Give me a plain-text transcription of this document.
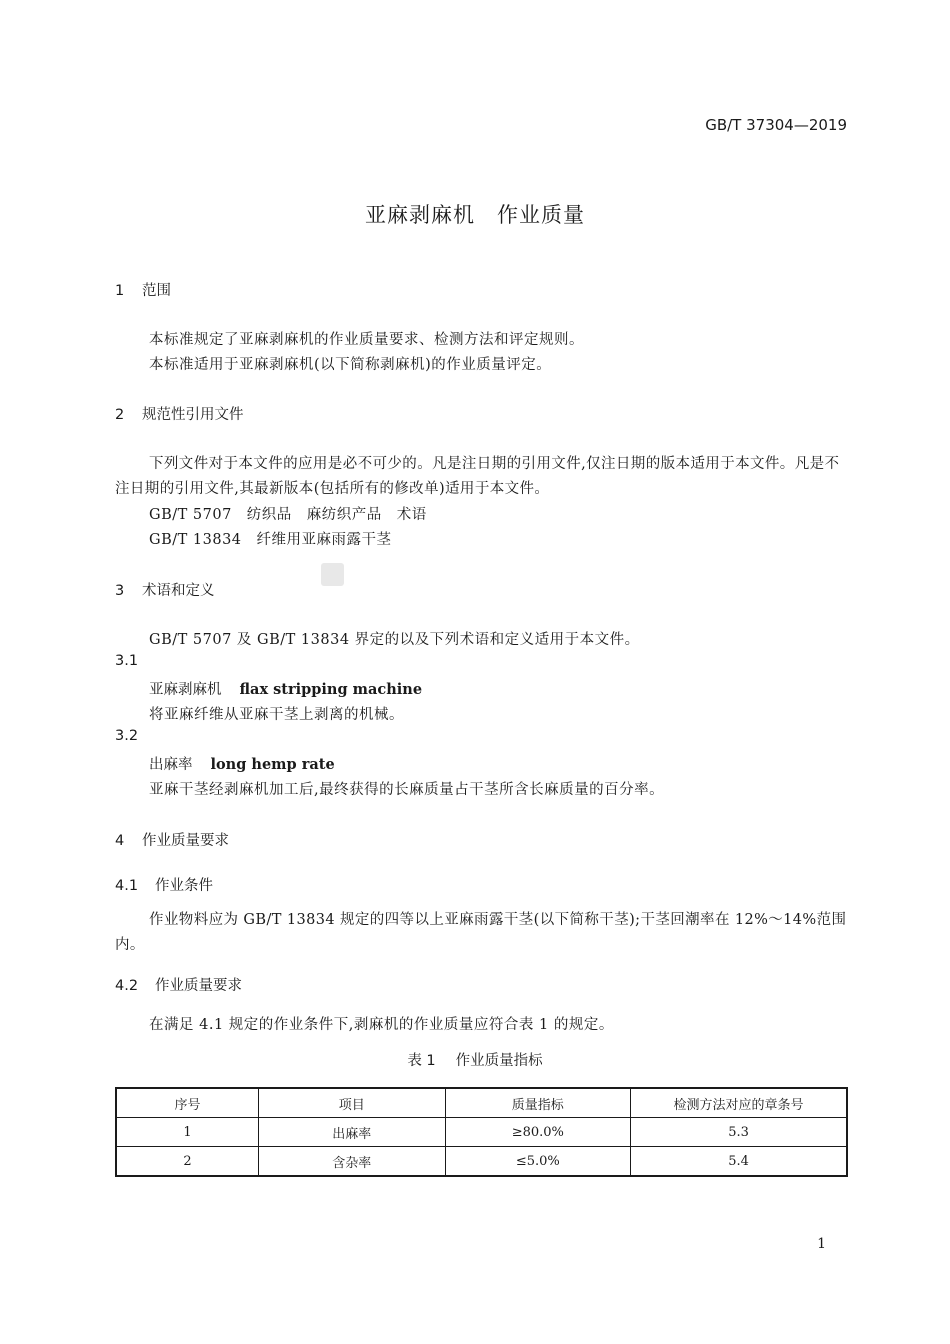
GB/T 37304—2019
亚麻剥麻机　作业质量
1 范围
本标准规定了亚麻剥麻机的作业质量要求、检测方法和评定规则。
本标准适用于亚麻剥麻机(以下简称剥麻机)的作业质量评定。
2 规范性引用文件
下列文件对于本文件的应用是必不可少的。凡是注日期的引用文件,仅注日期的版本适用于本文件。凡是不注日期的引用文件,其最新版本(包括所有的修改单)适用于本文件。
GB/T 5707　纺织品　麻纺织产品　术语
GB/T 13834　纤维用亚麻雨露干茎
3 术语和定义
GB/T 5707 及 GB/T 13834 界定的以及下列术语和定义适用于本文件。
3.1
亚麻剥麻机 flax stripping machine
将亚麻纤维从亚麻干茎上剥离的机械。
3.2
出麻率 long hemp rate
亚麻干茎经剥麻机加工后,最终获得的长麻质量占干茎所含长麻质量的百分率。
4 作业质量要求
4.1 作业条件
作业物料应为 GB/T 13834 规定的四等以上亚麻雨露干茎(以下简称干茎);干茎回潮率在 12%～14%范围内。
4.2 作业质量要求
在满足 4.1 规定的作业条件下,剥麻机的作业质量应符合表 1 的规定。
表 1 作业质量指标
序号	项目	质量指标	检测方法对应的章条号
1	出麻率	≥80.0%	5.3
2	含杂率	≤5.0%	5.4
1
